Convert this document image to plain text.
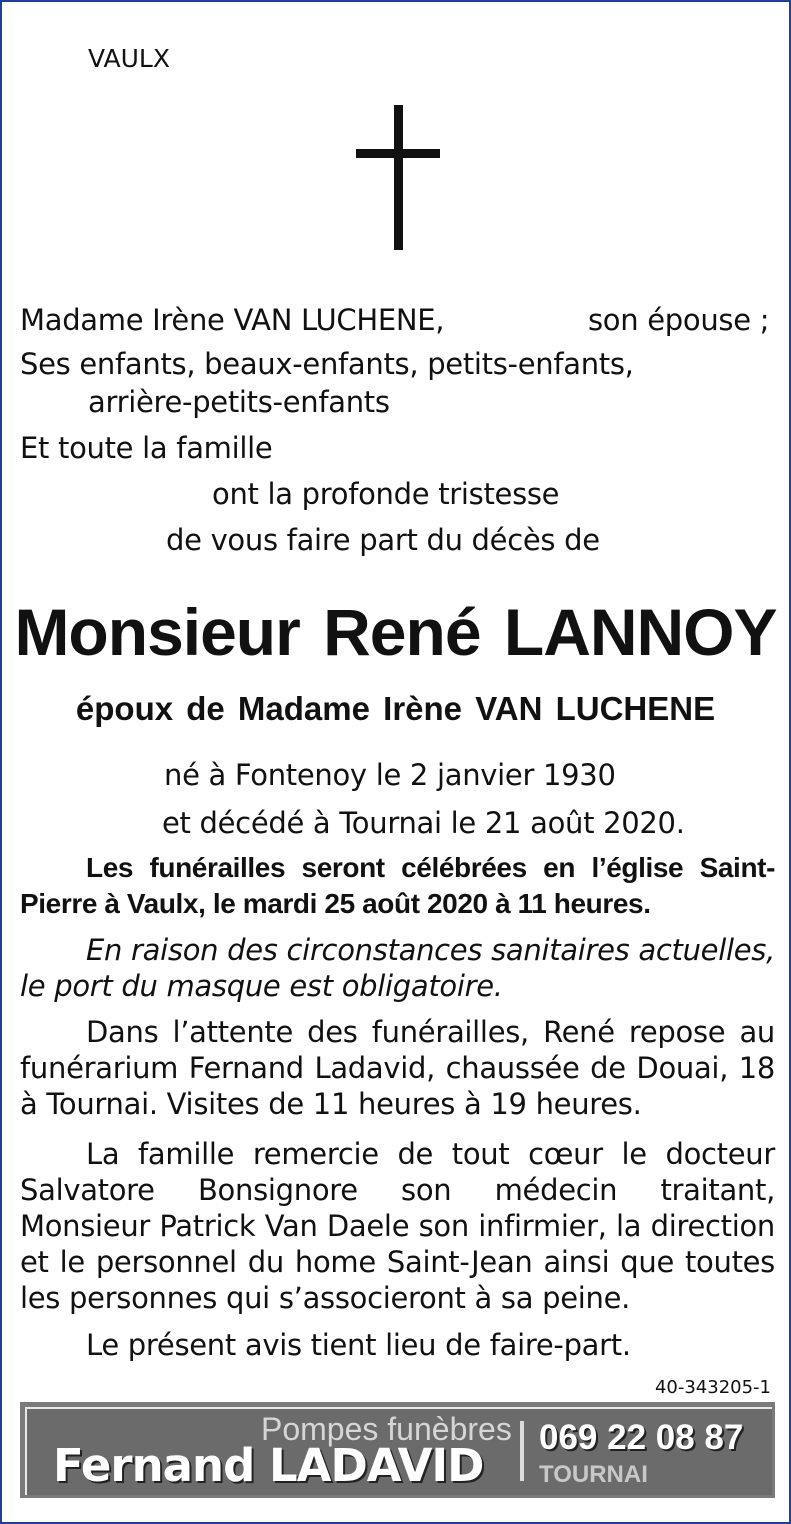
VAULX
Madame Irène VAN LUCHENE,	son épouse ;
Ses enfants, beaux-enfants, petits-enfants,
arrière-petits-enfants
Et toute la famille
ont la profonde tristesse
de vous faire part du décès de
Monsieur René LANNOY
époux de Madame Irène VAN LUCHENE
né à Fontenoy le 2 janvier 1930
et décédé à Tournai le 21 août 2020.
Les funérailles seront célébrées en l’église Saint-Pierre à Vaulx, le mardi 25 août 2020 à 11 heures.
En raison des circonstances sanitaires actuelles, le port du masque est obligatoire.
Dans l’attente des funérailles, René repose au funérarium Fernand Ladavid, chaussée de Douai, 18 à Tournai. Visites de 11 heures à 19 heures.
La famille remercie de tout cœur le docteur Salvatore Bonsignore son médecin traitant, Monsieur Patrick Van Daele son infirmier, la direction et le personnel du home Saint-Jean ainsi que toutes les personnes qui s’associeront à sa peine.
Le présent avis tient lieu de faire-part.
40-343205-1
Pompes funèbres
Fernand LADAVID
069 22 08 87
TOURNAI
